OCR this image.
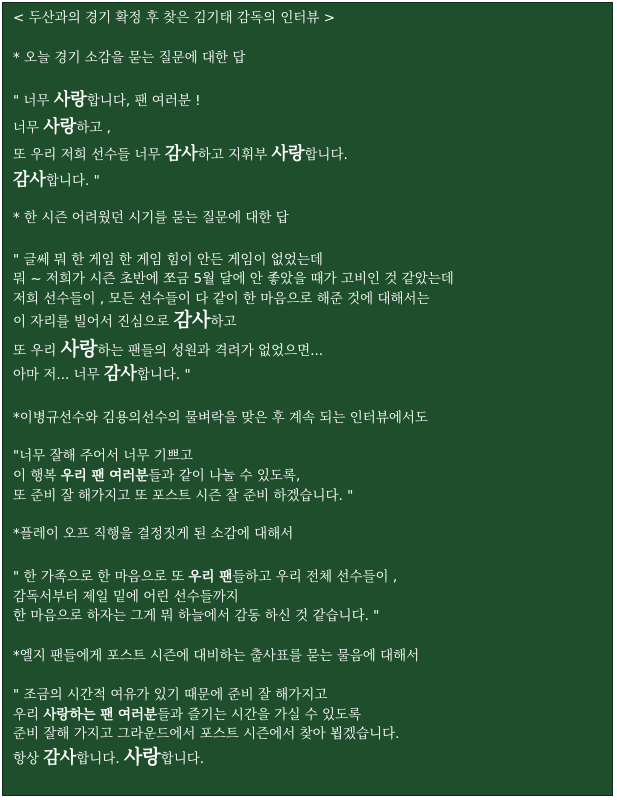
< 두산과의 경기 확정 후 찾은 김기태 감독의 인터뷰 >
* 오늘 경기 소감을 묻는 질문에 대한 답
" 너무 사랑합니다, 팬 여러분 !
너무 사랑하고 ,
또 우리 저희 선수들 너무 감사하고 지휘부 사랑합니다.
감사합니다. "
* 한 시즌 어려웠던 시기를 묻는 질문에 대한 답
" 글쎄 뭐 한 게임 한 게임 힘이 안든 게임이 없었는데
뭐 ~ 저희가 시즌 초반에 쪼금 5월 달에 안 좋았을 때가 고비인 것 같았는데
저희 선수들이 , 모든 선수들이 다 같이 한 마음으로 해준 것에 대해서는
이 자리를 빌어서 진심으로 감사하고
또 우리 사랑하는 팬들의 성원과 격려가 없었으면...
아마 저... 너무 감사합니다. "
*이병규선수와 김용의선수의 물벼락을 맞은 후 계속 되는 인터뷰에서도
"너무 잘해 주어서 너무 기쁘고
이 행복 우리 팬 여러분들과 같이 나눌 수 있도록,
또 준비 잘 해가지고 또 포스트 시즌 잘 준비 하겠습니다. "
*플레이 오프 직행을 결정짓게 된 소감에 대해서
" 한 가족으로 한 마음으로 또 우리 팬들하고 우리 전체 선수들이 ,
감독서부터 제일 밑에 어린 선수들까지
한 마음으로 하자는 그게 뭐 하늘에서 감동 하신 것 같습니다. "
*엘지 팬들에게 포스트 시즌에 대비하는 출사표를 묻는 물음에 대해서
" 조금의 시간적 여유가 있기 때문에 준비 잘 해가지고
우리 사랑하는 팬 여러분들과 즐기는 시간을 가실 수 있도록
준비 잘해 가지고 그라운드에서 포스트 시즌에서 찾아 뵙겠습니다.
항상 감사합니다. 사랑합니다.
